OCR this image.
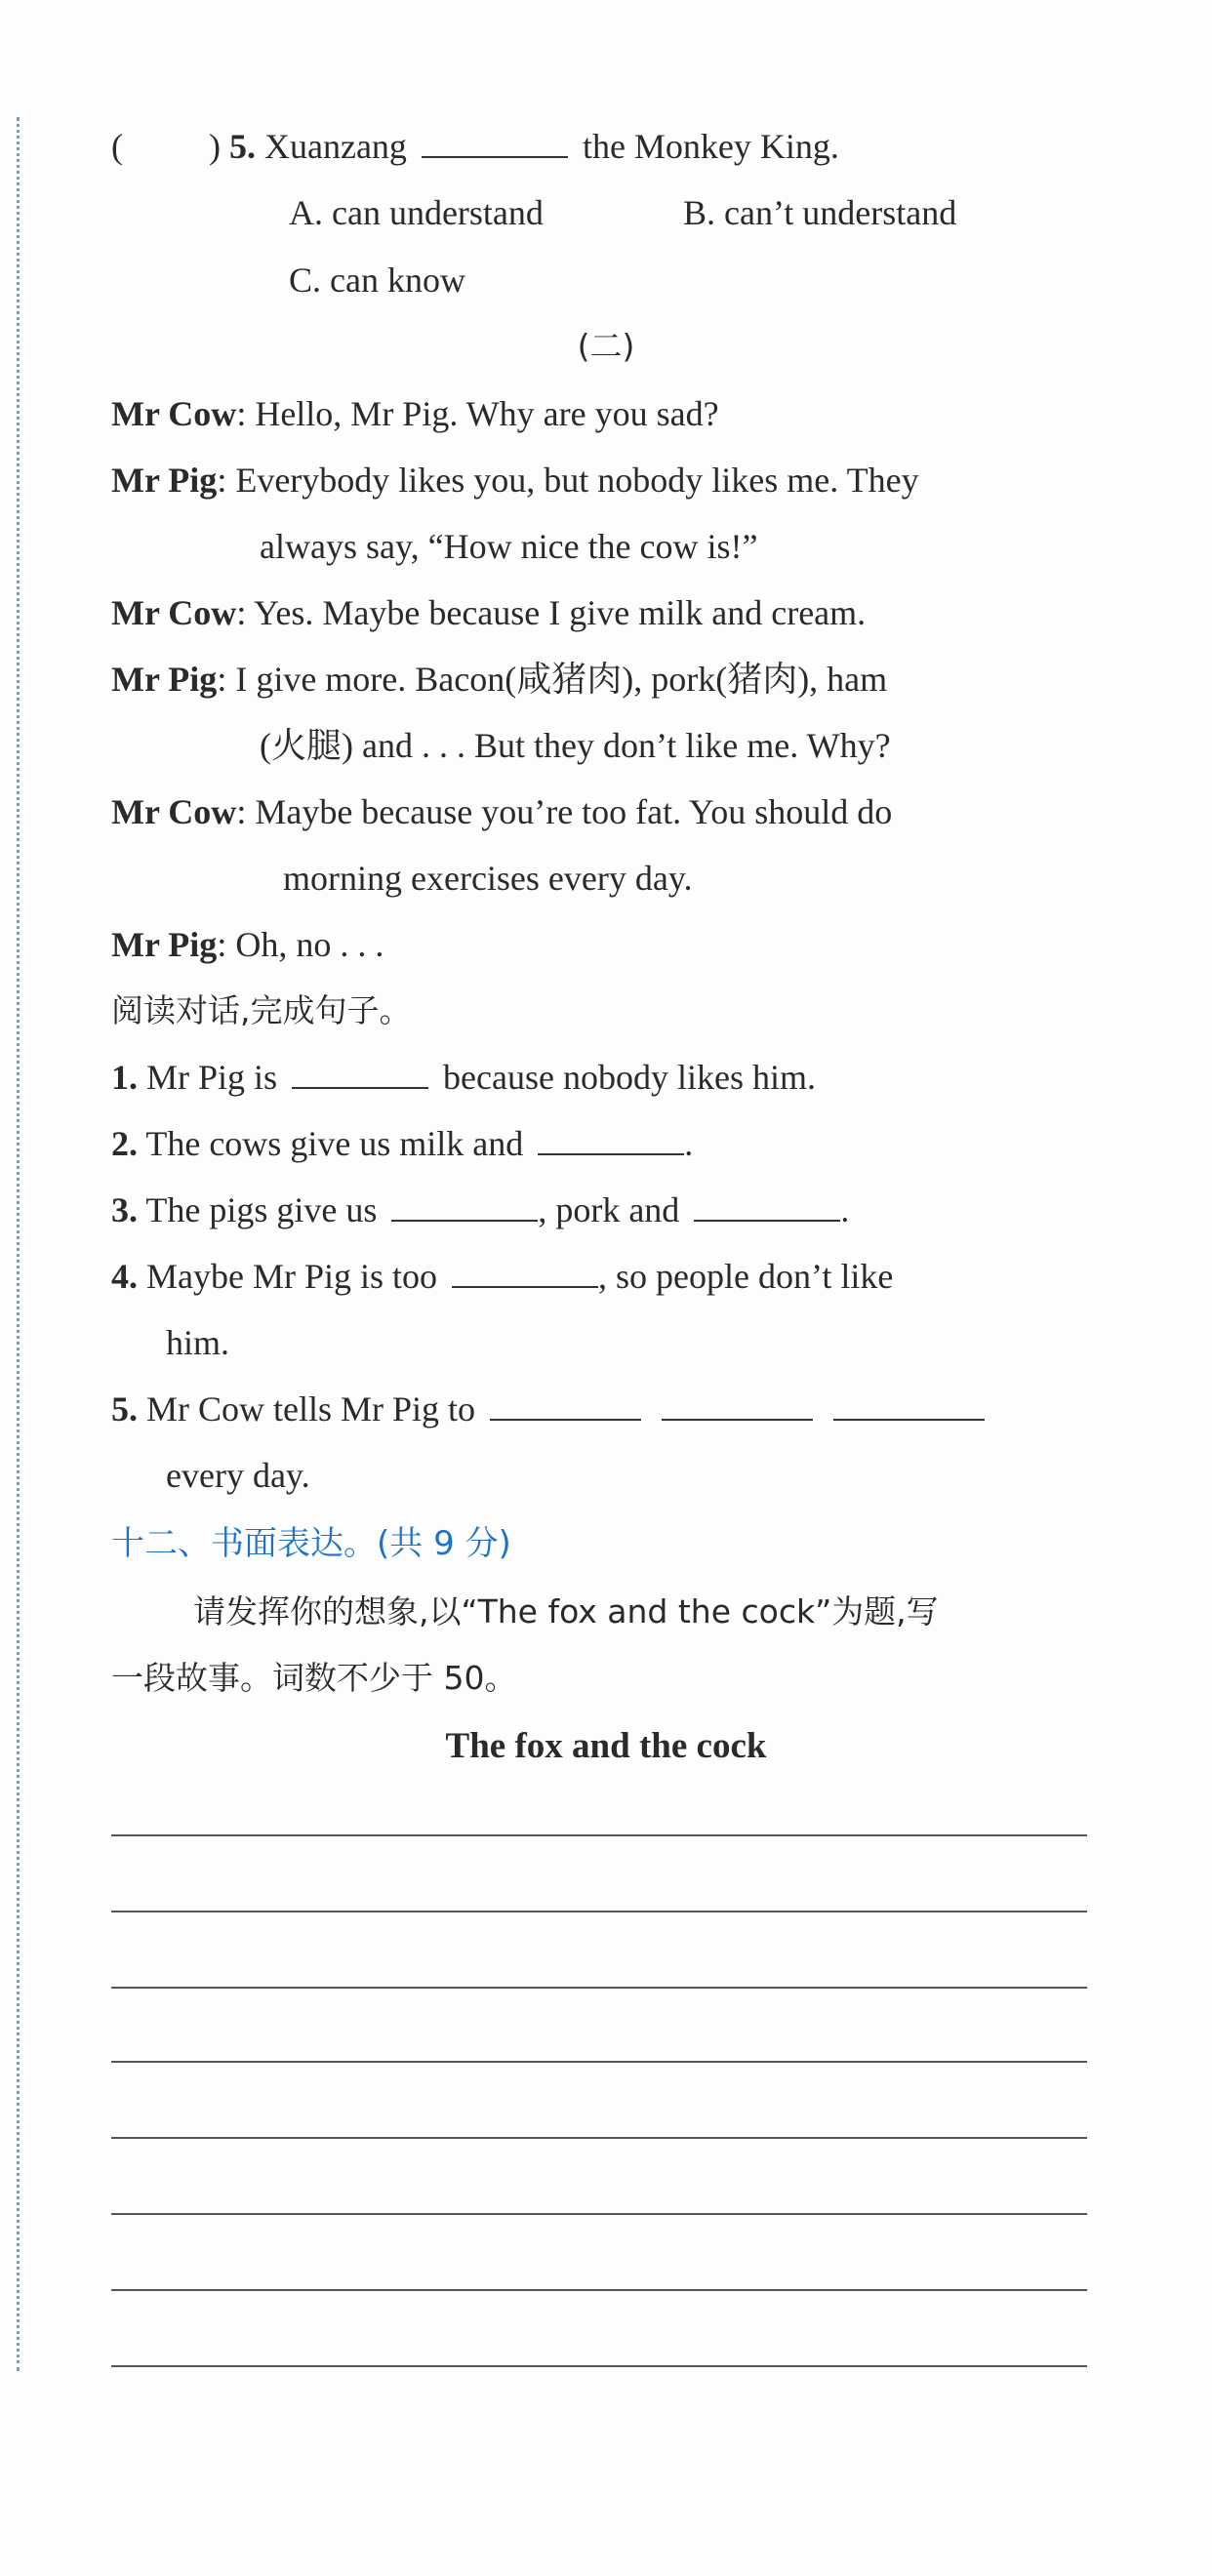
( ) 5. Xuanzang	the Monkey King.
A. can understand	B. can’t understand
C. can know
(二)
Mr Cow: Hello, Mr Pig. Why are you sad?
Mr Pig: Everybody likes you, but nobody likes me. They
always say, “How nice the cow is!”
Mr Cow: Yes. Maybe because I give milk and cream.
Mr Pig: I give more. Bacon(咸猪肉), pork(猪肉), ham
(火腿) and . . . But they don’t like me. Why?
Mr Cow: Maybe because you’re too fat. You should do
morning exercises every day.
Mr Pig: Oh, no . . .
阅读对话,完成句子。
1. Mr Pig is	because nobody likes him.
2. The cows give us milk and	.
3. The pigs give us	, pork and	.
4. Maybe Mr Pig is too	, so people don’t like
him.
5. Mr Cow tells Mr Pig to
every day.
十二、书面表达。(共 9 分)
请发挥你的想象,以“The fox and the cock”为题,写
一段故事。词数不少于 50。
The fox and the cock
